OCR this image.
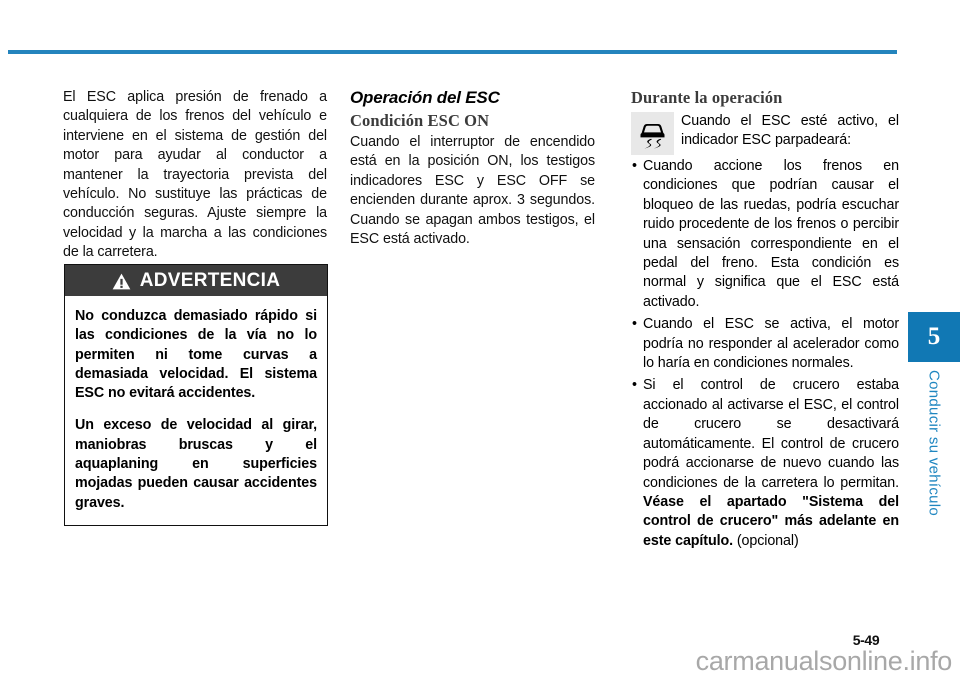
El ESC aplica presión de frenado a cualquiera de los frenos del vehículo e interviene en el sistema de gestión del motor para ayudar al conductor a mantener la trayectoria prevista del vehículo. No sustituye las prácticas de conducción seguras. Ajuste siempre la velocidad y la marcha a las condiciones de la carretera.

ADVERTENCIA

No conduzca demasiado rápido si las condiciones de la vía no lo permiten ni tome curvas a demasiada velocidad. El sistema ESC no evitará accidentes.

Un exceso de velocidad al girar, maniobras bruscas y el aquaplaning en superficies mojadas pueden causar accidentes graves.

Operación del ESC
Condición ESC ON

Cuando el interruptor de encendido está en la posición ON, los testigos indicadores ESC y ESC OFF se encienden durante aprox. 3 segundos. Cuando se apagan ambos testigos, el ESC está activado.

Durante la operación
Cuando el ESC esté activo, el indicador ESC parpadeará:
• Cuando accione los frenos en condiciones que podrían causar el bloqueo de las ruedas, podría escuchar ruido procedente de los frenos o percibir una sensación correspondiente en el pedal del freno. Esta condición es normal y significa que el ESC está activado.
• Cuando el ESC se activa, el motor podría no responder al acelerador como lo haría en condiciones normales.
• Si el control de crucero estaba accionado al activarse el ESC, el control de crucero se desactivará automáticamente. El control de crucero podrá accionarse de nuevo cuando las condiciones de la carretera lo permitan. Véase el apartado "Sistema del control de crucero" más adelante en este capítulo. (opcional)
5
Conducir su vehículo
5-49
carmanualsonline.info
